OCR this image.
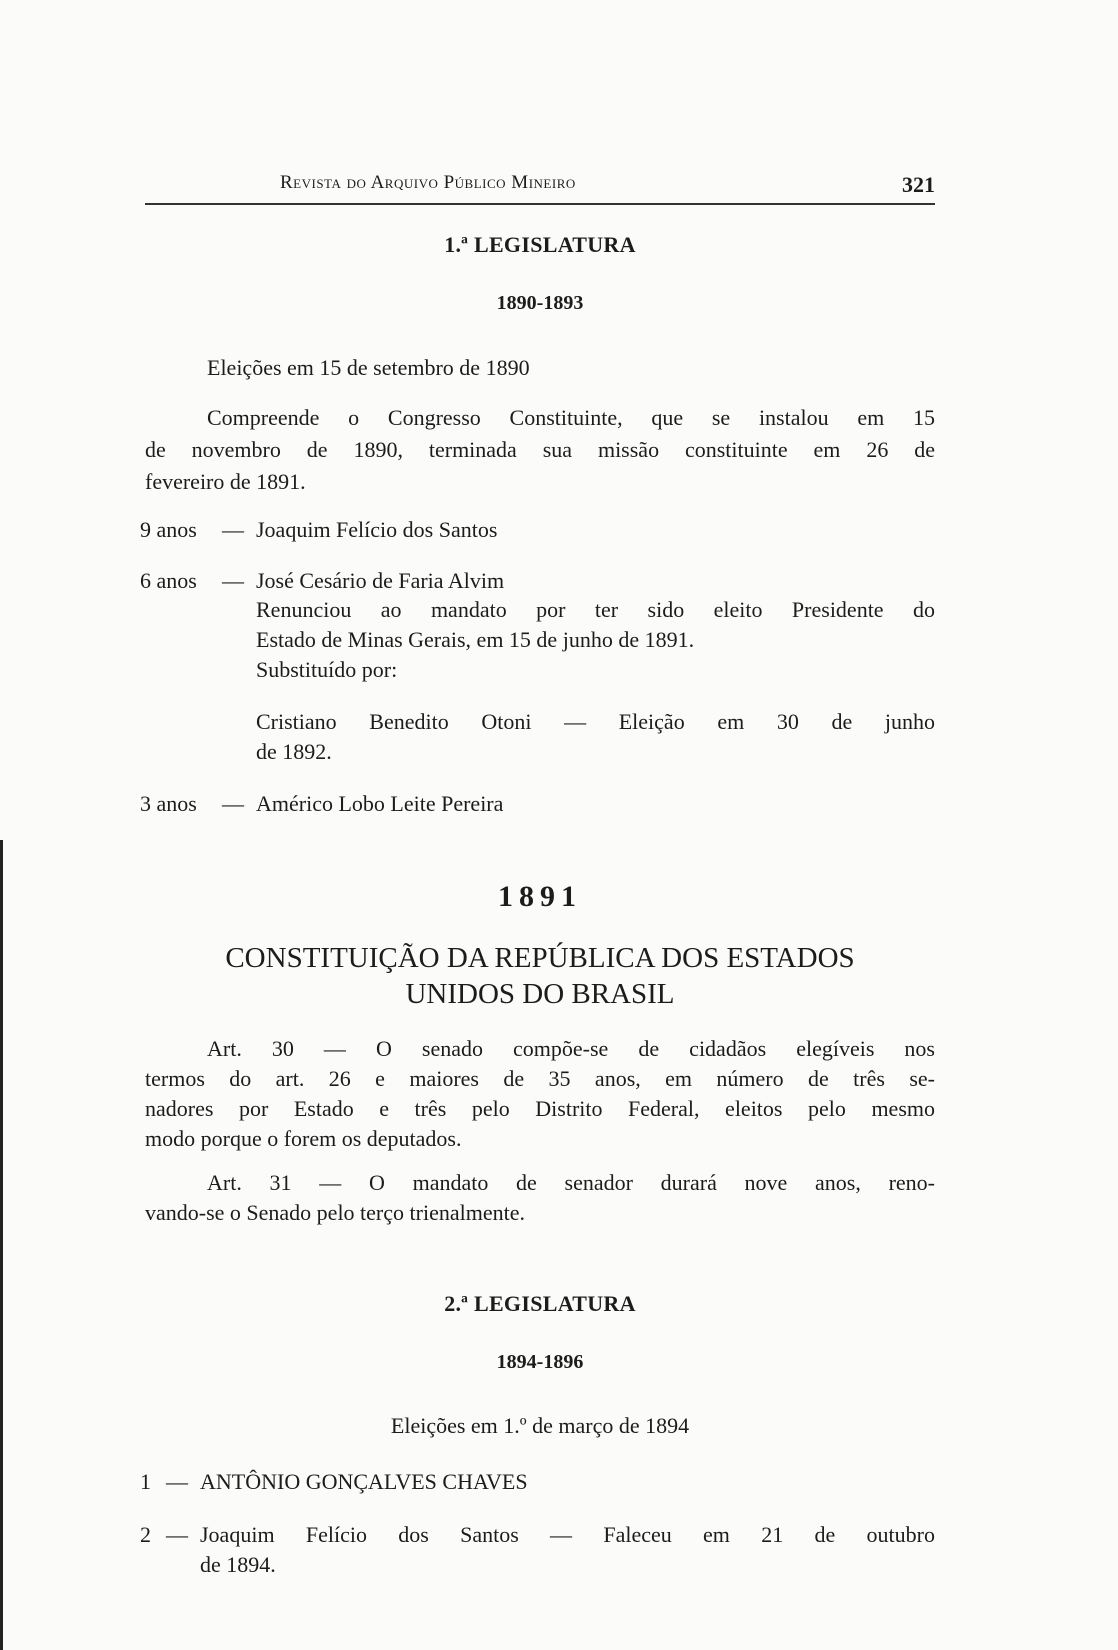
Revista do Arquivo Público Mineiro	321
1.ª LEGISLATURA
1890-1893
Eleições em 15 de setembro de 1890
Compreende o Congresso Constituinte, que se instalou em 15
de novembro de 1890, terminada sua missão constituinte em 26 de
fevereiro de 1891.
9 anos — Joaquim Felício dos Santos
6 anos — José Cesário de Faria Alvim
Renunciou ao mandato por ter sido eleito Presidente do
Estado de Minas Gerais, em 15 de junho de 1891.
Substituído por:
Cristiano Benedito Otoni — Eleição em 30 de junho
de 1892.
3 anos — Américo Lobo Leite Pereira
1891
CONSTITUIÇÃO DA REPÚBLICA DOS ESTADOS
UNIDOS DO BRASIL
Art. 30 — O senado compõe-se de cidadãos elegíveis nos
termos do art. 26 e maiores de 35 anos, em número de três se-
nadores por Estado e três pelo Distrito Federal, eleitos pelo mesmo
modo porque o forem os deputados.
Art. 31 — O mandato de senador durará nove anos, reno-
vando-se o Senado pelo terço trienalmente.
2.ª LEGISLATURA
1894-1896
Eleições em 1.º de março de 1894
1 — ANTÔNIO GONÇALVES CHAVES
2 — Joaquim Felício dos Santos — Faleceu em 21 de outubro
de 1894.
